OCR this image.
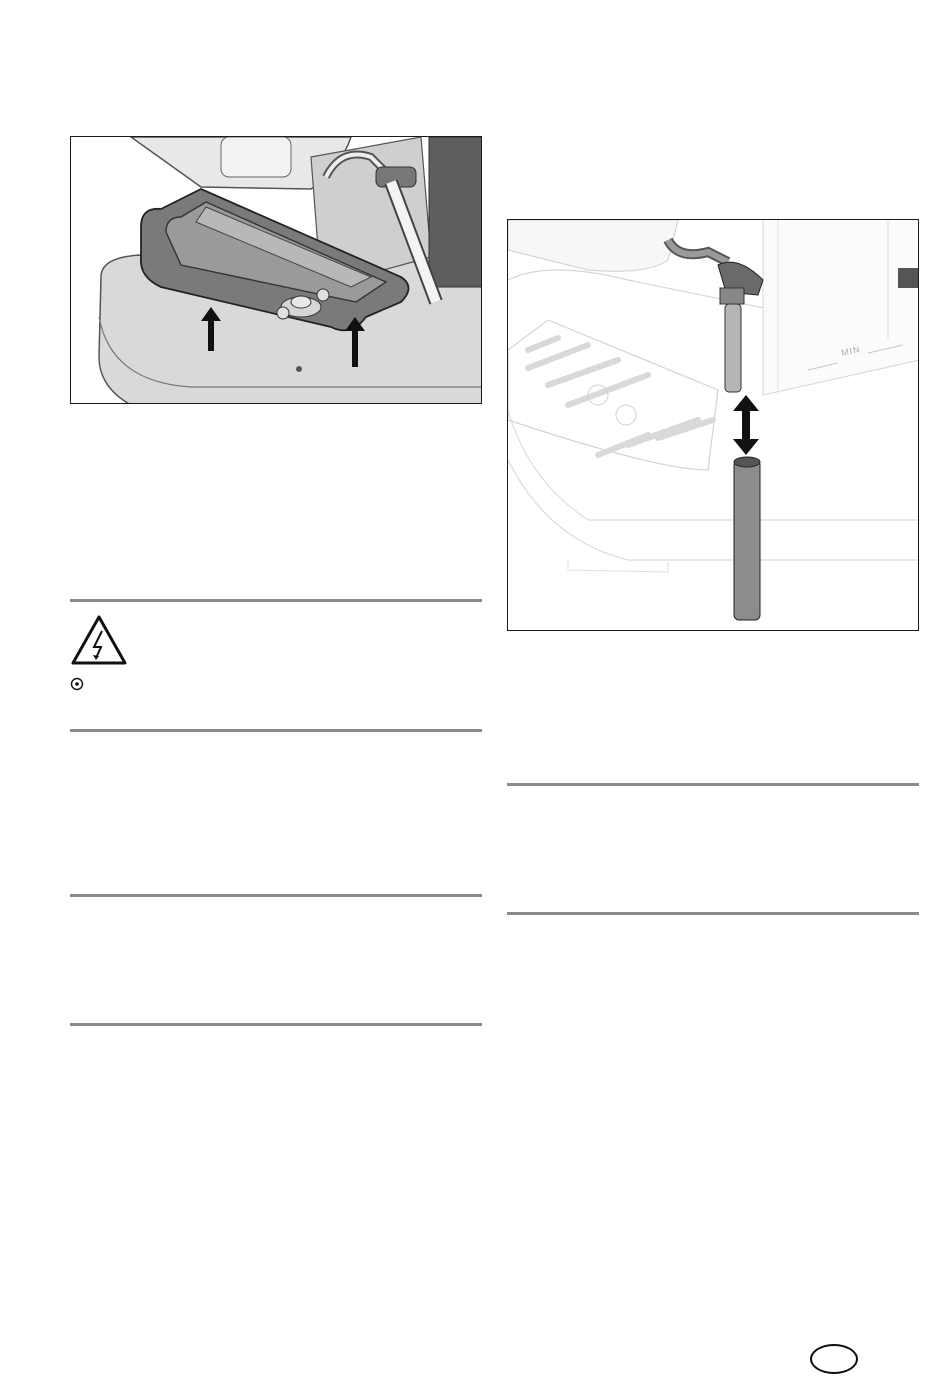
MIN
